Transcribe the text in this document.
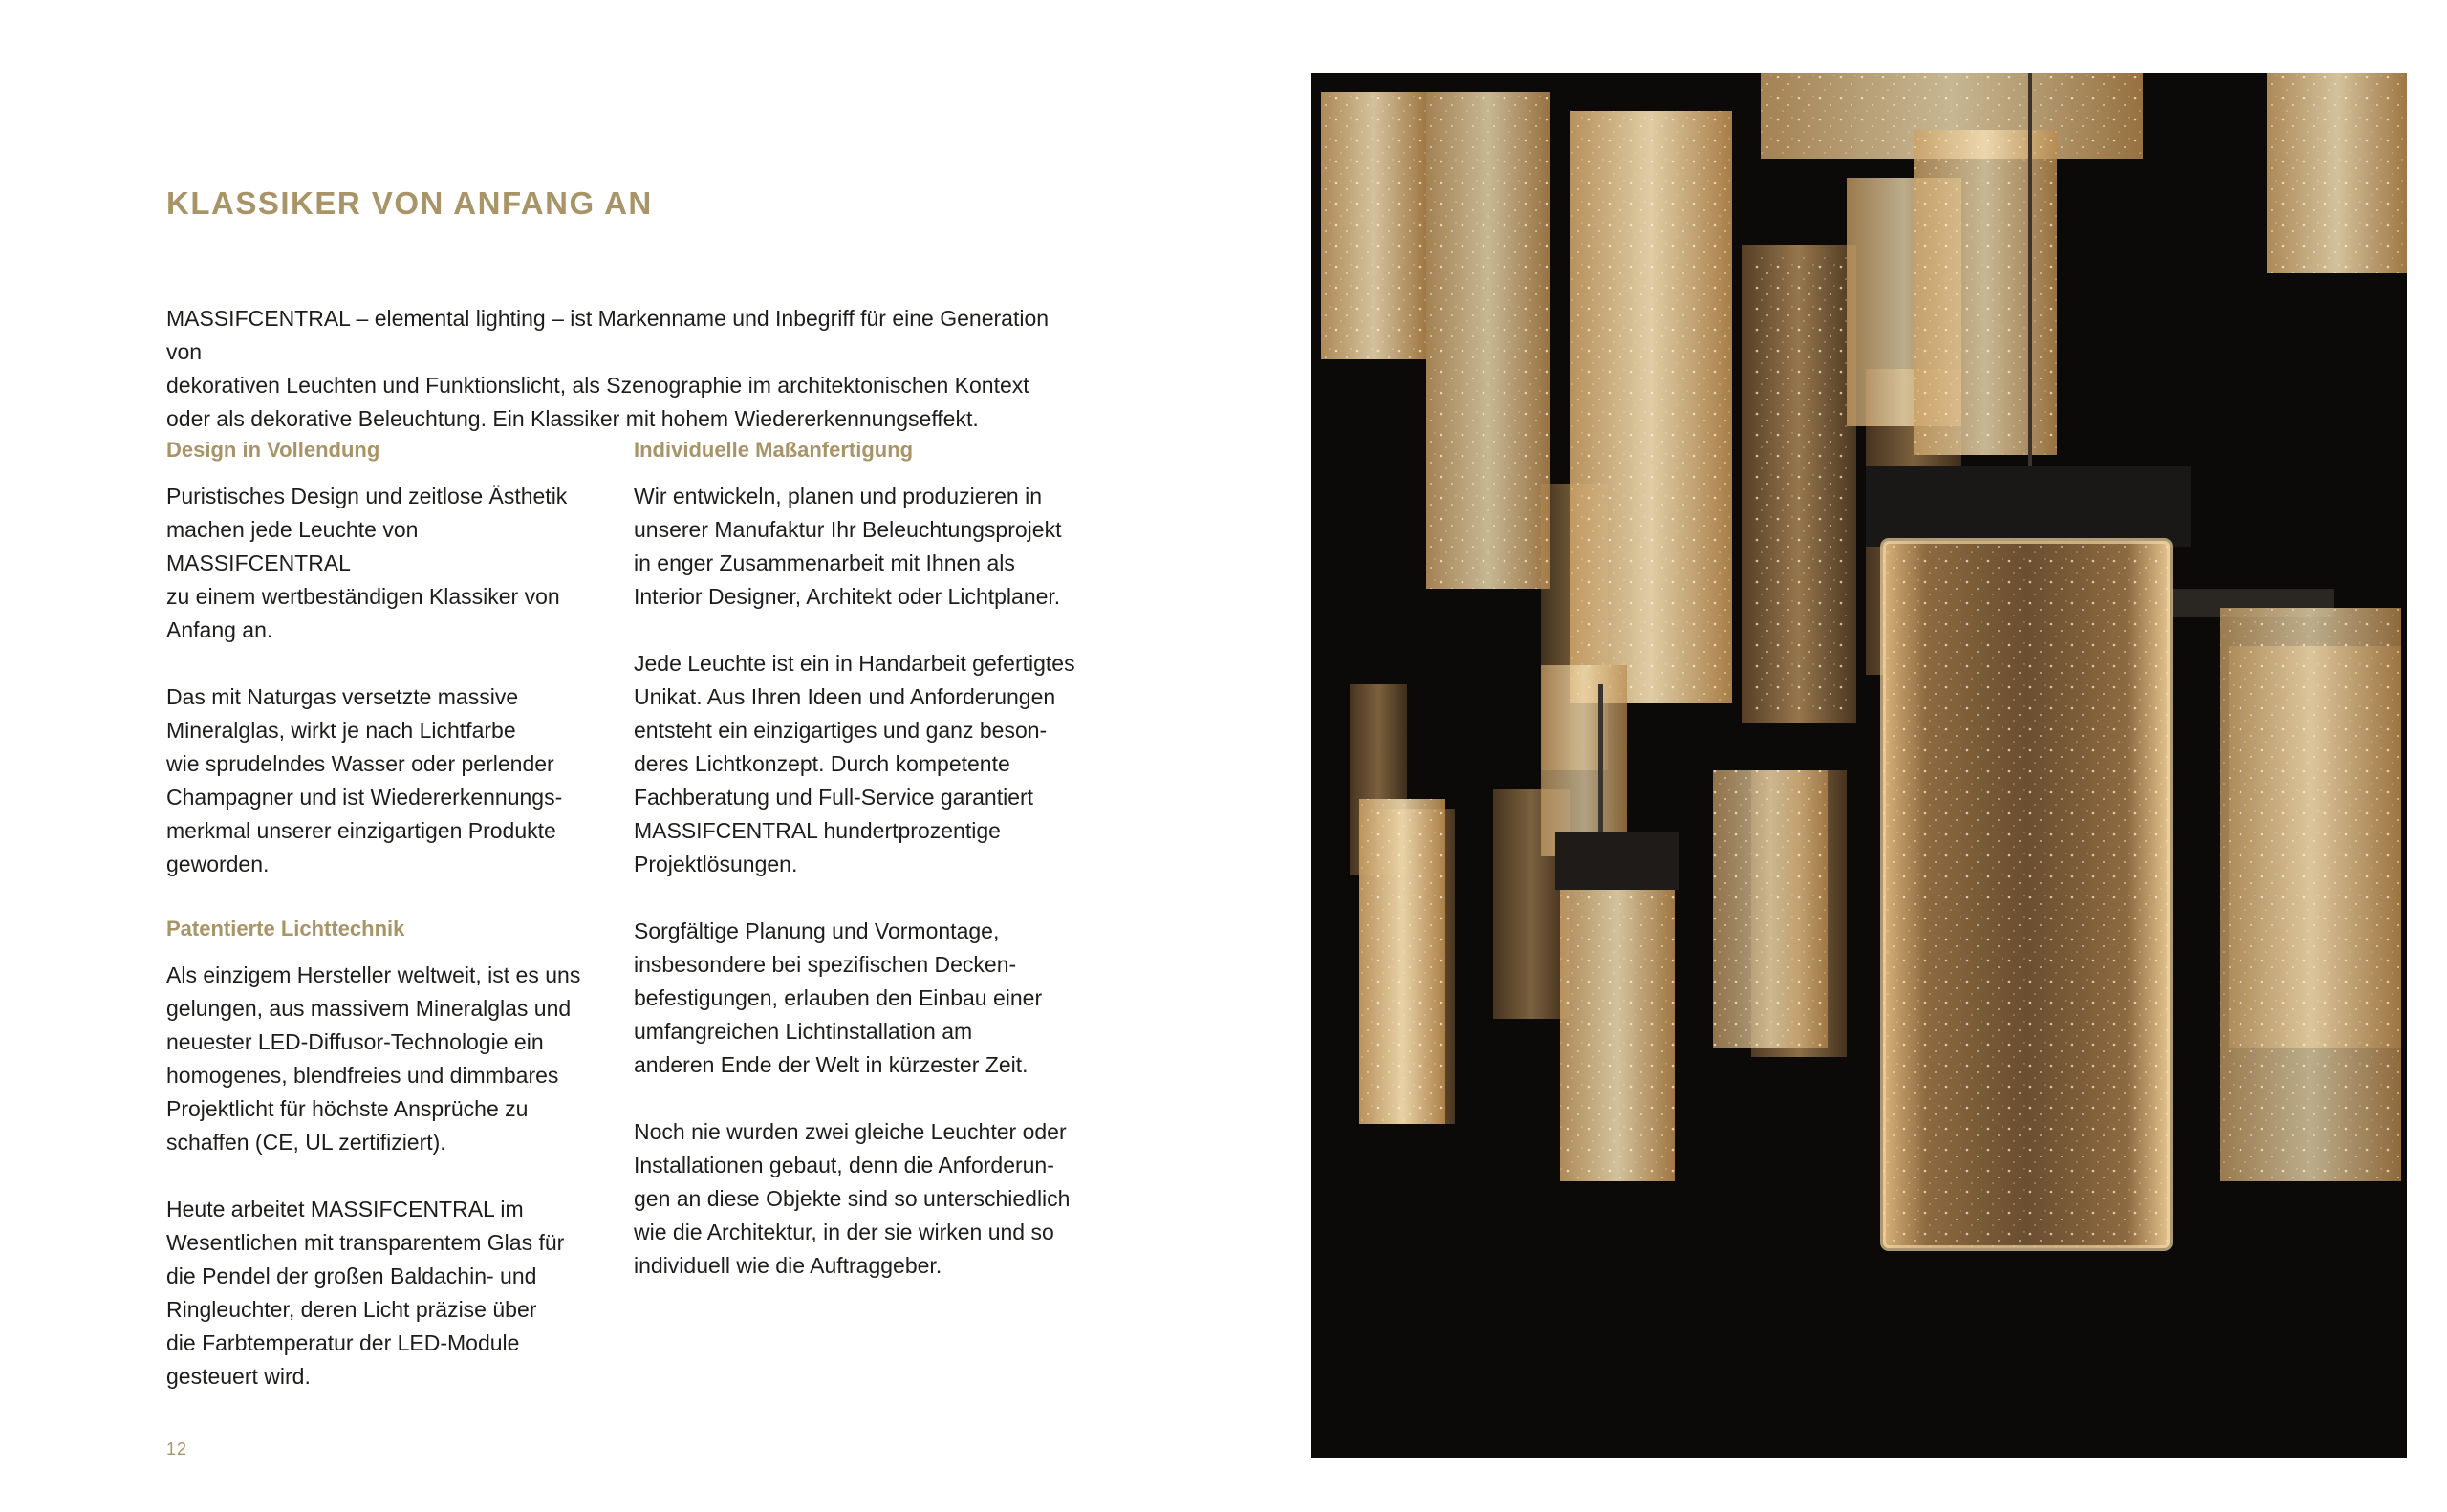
KLASSIKER VON ANFANG AN

MASSIFCENTRAL – elemental lighting – ist Markenname und Inbegriff für eine Generation von
dekorativen Leuchten und Funktionslicht, als Szenographie im architektonischen Kontext
oder als dekorative Beleuchtung. Ein Klassiker mit hohem Wiedererkennungseffekt.

Design in Vollendung

Puristisches Design und zeitlose Ästhetik
machen jede Leuchte von MASSIFCENTRAL
zu einem wertbeständigen Klassiker von
Anfang an.

Das mit Naturgas versetzte massive
Mineralglas, wirkt je nach Lichtfarbe
wie sprudelndes Wasser oder perlender
Champagner und ist Wiedererkennungs-
merkmal unserer einzigartigen Produkte
geworden.

Patentierte Lichttechnik

Als einzigem Hersteller weltweit, ist es uns
gelungen, aus massivem Mineralglas und
neuester LED-Diffusor-Technologie ein
homogenes, blendfreies und dimmbares
Projektlicht für höchste Ansprüche zu
schaffen (CE, UL zertifiziert).

Heute arbeitet MASSIFCENTRAL im
Wesentlichen mit transparentem Glas für
die Pendel der großen Baldachin- und
Ringleuchter, deren Licht präzise über
die Farbtemperatur der LED-Module
gesteuert wird.

Individuelle Maßanfertigung

Wir entwickeln, planen und produzieren in
unserer Manufaktur Ihr Beleuchtungsprojekt
in enger Zusammenarbeit mit Ihnen als
Interior Designer, Architekt oder Lichtplaner.

Jede Leuchte ist ein in Handarbeit gefertigtes
Unikat. Aus Ihren Ideen und Anforderungen
entsteht ein einzigartiges und ganz beson-
deres Lichtkonzept. Durch kompetente
Fachberatung und Full-Service garantiert
MASSIFCENTRAL hundertprozentige
Projektlösungen.

Sorgfältige Planung und Vormontage,
insbesondere bei spezifischen Decken-
befestigungen, erlauben den Einbau einer
umfangreichen Lichtinstallation am
anderen Ende der Welt in kürzester Zeit.

Noch nie wurden zwei gleiche Leuchter oder
Installationen gebaut, denn die Anforderun-
gen an diese Objekte sind so unterschiedlich
wie die Architektur, in der sie wirken und so
individuell wie die Auftraggeber.

12
